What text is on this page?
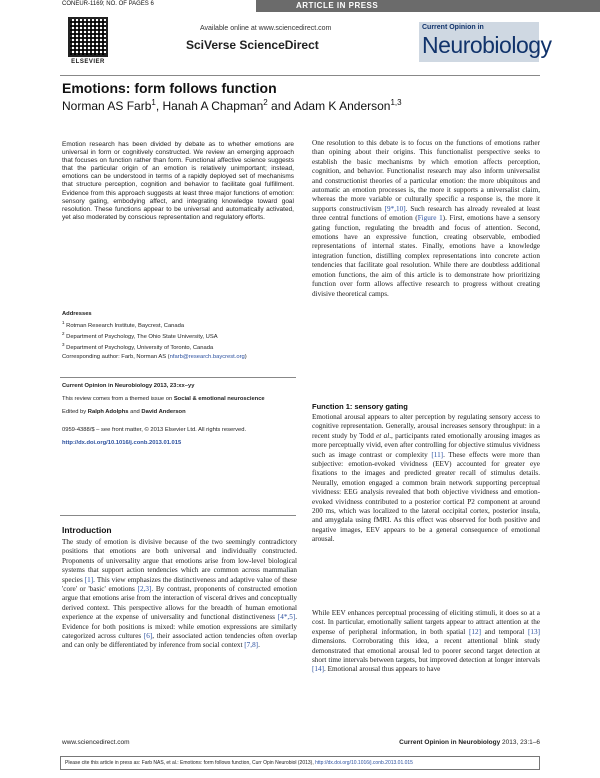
CONEUR-1169; NO. OF PAGES 6	ARTICLE IN PRESS
ELSEVIER
Available online at www.sciencedirect.com
SciVerse ScienceDirect
Current Opinion in
Neurobiology
Emotions: form follows function
Norman AS Farb$^1$, Hanah A Chapman$^2$ and Adam K Anderson$^{1,3}$

Emotion research has been divided by debate as to whether emotions are universal in form or cognitively constructed. We review an emerging approach that focuses on function rather than form. Functional affective science suggests that the particular origin of an emotion is relatively unimportant; instead, emotions can be understood in terms of a rapidly deployed set of mechanisms that structure perception, cognition and behavior to facilitate goal fulfillment. Evidence from this approach suggests at least three major functions of emotion: sensory gating, embodying affect, and integrating knowledge toward goal resolution. These functions appear to be universal and automatically activated, yet also moderated by conscious representation and regulatory efforts.

Addresses
$^1$ Rotman Research Institute, Baycrest, Canada
$^2$ Department of Psychology, The Ohio State University, USA
$^3$ Department of Psychology, University of Toronto, Canada
Corresponding author: Farb, Norman AS (nfarb@research.baycrest.org)
Current Opinion in Neurobiology 2013, 23:xx–yy
This review comes from a themed issue on Social & emotional neuroscience
Edited by Ralph Adolphs and David Anderson
0959-4388/$ – see front matter, © 2013 Elsevier Ltd. All rights reserved.
http://dx.doi.org/10.1016/j.conb.2013.01.015
Introduction

The study of emotion is divisive because of the two seemingly contradictory positions that emotions are both universal and individually constructed. Proponents of universality argue that emotions arise from low-level biological systems that support action tendencies which are common across mammalian species [1]. This view emphasizes the distinctiveness and adaptive value of these 'core' or 'basic' emotions [2,3]. By contrast, proponents of constructed emotion argue that emotions arise from the interaction of visceral drives and conceptually derived context. This perspective allows for the breadth of human emotional experience at the expense of universality and functional distinctiveness [4*,5]. Evidence for both positions is mixed: while emotion expressions are similarly categorized across cultures [6], their associated action tendencies often overlap and can only be differentiated by inference from social context [7,8].

One resolution to this debate is to focus on the functions of emotions rather than opining about their origins. This functionalist perspective seeks to establish the basic mechanisms by which emotion affects perception, cognition, and behavior. Functionalist research may also inform universalist and constructionist theories of a particular emotion: the more ubiquitous and automatic an emotion processes is, the more it supports a universalist claim, whereas the more variable or culturally specific a response is, the more it supports constructivism [9*,10]. Such research has already revealed at least three central functions of emotion (Figure 1). First, emotions have a sensory gating function, regulating the breadth and focus of attention. Second, emotions have an expressive function, creating observable, embodied representations of internal states. Finally, emotions have a knowledge integration function, distilling complex representations into concrete action tendencies that facilitate goal resolution. While there are doubtless additional emotion functions, the aim of this article is to demonstrate how prioritizing function over form allows affective research to progress without creating divisive theoretical camps.

Function 1: sensory gating

Emotional arousal appears to alter perception by regulating sensory access to cognitive representation. Generally, arousal increases sensory throughput: in a recent study by Todd et al., participants rated emotionally arousing images as more perceptually vivid, even after controlling for objective stimulus vividness such as image contrast or complexity [11]. These effects were more than subjective: emotion-evoked vividness (EEV) accounted for greater eye fixations to the images and predicted greater recall of stimulus details. Neurally, emotion engaged a common brain network supporting perceptual vividness: EEG analysis revealed that both objective vividness and emotion-evoked vividness contributed to a posterior cortical P2 component at around 200 ms, which was localized to the lateral occipital cortex, posterior insula, and amygdala using fMRI. As this effect was observed for both positive and negative images, EEV appears to be a general consequence of emotional arousal.

While EEV enhances perceptual processing of eliciting stimuli, it does so at a cost. In particular, emotionally salient targets appear to attract attention at the expense of peripheral information, in both spatial [12] and temporal [13] dimensions. Corroborating this idea, a recent attentional blink study demonstrated that emotional arousal led to poorer second target detection at short time intervals between targets, but improved detection at longer intervals [14]. Emotional arousal thus appears to have

www.sciencedirect.com	Current Opinion in Neurobiology 2013, 23:1–6
Please cite this article in press as: Farb NAS, et al.: Emotions: form follows function, Curr Opin Neurobiol (2013), http://dx.doi.org/10.1016/j.conb.2013.01.015
